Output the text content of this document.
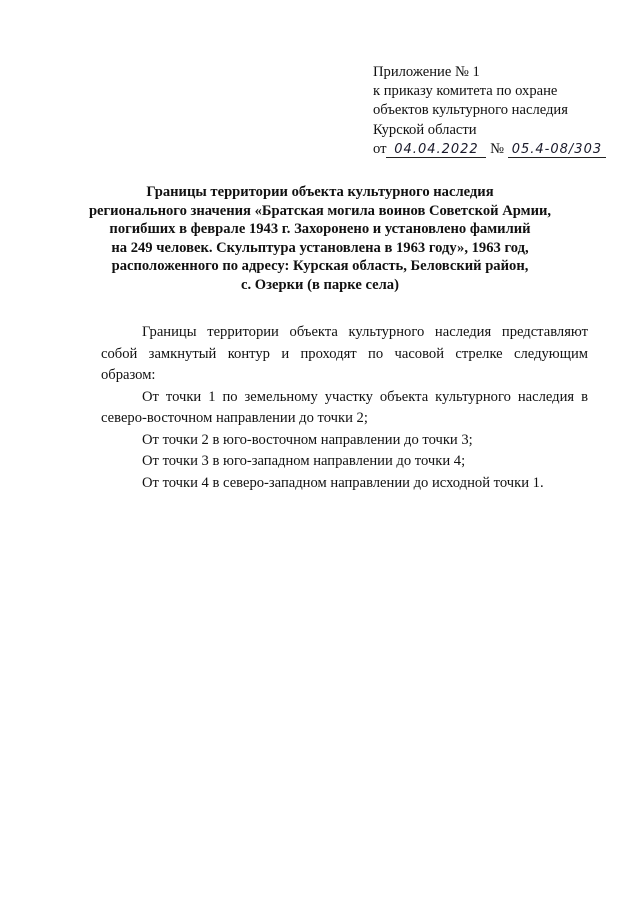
Приложение № 1
к приказу комитета по охране
объектов культурного наследия
Курской области
от 04.04.2022 № 05.4-08/303
Границы территории объекта культурного наследия
регионального значения «Братская могила воинов Советской Армии,
погибших в феврале 1943 г. Захоронено и установлено фамилий
на 249 человек. Скульптура установлена в 1963 году», 1963 год,
расположенного по адресу: Курская область, Беловский район,
с. Озерки (в парке села)
Границы территории объекта культурного наследия представляют
собой замкнутый контур и проходят по часовой стрелке следующим
образом:
От точки 1 по земельному участку объекта культурного наследия в
северо-восточном направлении до точки 2;
От точки 2 в юго-восточном направлении до точки 3;
От точки 3 в юго-западном направлении до точки 4;
От точки 4 в северо-западном направлении до исходной точки 1.
